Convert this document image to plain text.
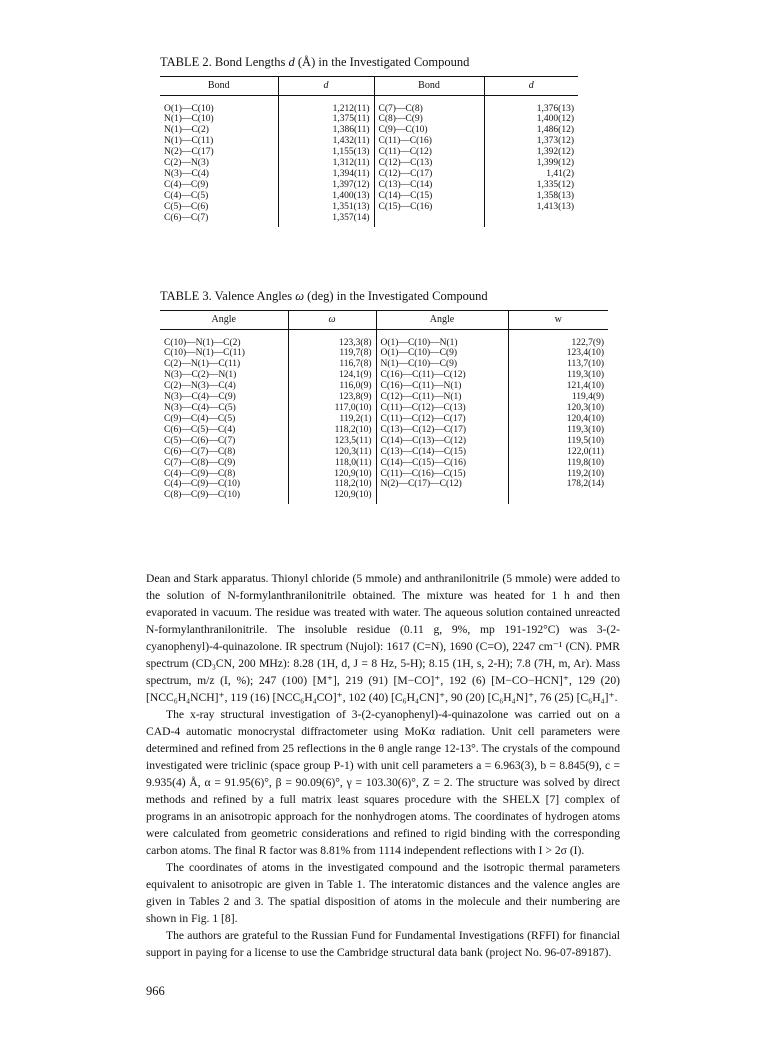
TABLE 2. Bond Lengths d (Å) in the Investigated Compound
Bond	d	Bond	d

O(1)—C(10)	1,212(11)	C(7)—C(8)	1,376(13)
N(1)—C(10)	1,375(11)	C(8)—C(9)	1,400(12)
N(1)—C(2)	1,386(11)	C(9)—C(10)	1,486(12)
N(1)—C(11)	1,432(11)	C(11)—C(16)	1,373(12)
N(2)—C(17)	1,155(13)	C(11)—C(12)	1,392(12)
C(2)—N(3)	1,312(11)	C(12)—C(13)	1,399(12)
N(3)—C(4)	1,394(11)	C(12)—C(17)	1,41(2)
C(4)—C(9)	1,397(12)	C(13)—C(14)	1,335(12)
C(4)—C(5)	1,400(13)	C(14)—C(15)	1,358(13)
C(5)—C(6)	1,351(13)	C(15)—C(16)	1,413(13)
C(6)—C(7)	1,357(14)		
TABLE 3. Valence Angles ω (deg) in the Investigated Compound
Angle	ω	Angle	w

C(10)—N(1)—C(2)	123,3(8)	O(1)—C(10)—N(1)	122,7(9)
C(10)—N(1)—C(11)	119,7(8)	O(1)—C(10)—C(9)	123,4(10)
C(2)—N(1)—C(11)	116,7(8)	N(1)—C(10)—C(9)	113,7(10)
N(3)—C(2)—N(1)	124,1(9)	C(16)—C(11)—C(12)	119,3(10)
C(2)—N(3)—C(4)	116,0(9)	C(16)—C(11)—N(1)	121,4(10)
N(3)—C(4)—C(9)	123,8(9)	C(12)—C(11)—N(1)	119,4(9)
N(3)—C(4)—C(5)	117,0(10)	C(11)—C(12)—C(13)	120,3(10)
C(9)—C(4)—C(5)	119,2(1)	C(11)—C(12)—C(17)	120,4(10)
C(6)—C(5)—C(4)	118,2(10)	C(13)—C(12)—C(17)	119,3(10)
C(5)—C(6)—C(7)	123,5(11)	C(14)—C(13)—C(12)	119,5(10)
C(6)—C(7)—C(8)	120,3(11)	C(13)—C(14)—C(15)	122,0(11)
C(7)—C(8)—C(9)	118,0(11)	C(14)—C(15)—C(16)	119,8(10)
C(4)—C(9)—C(8)	120,9(10)	C(11)—C(16)—C(15)	119,2(10)
C(4)—C(9)—C(10)	118,2(10)	N(2)—C(17)—C(12)	178,2(14)
C(8)—C(9)—C(10)	120,9(10)		

Dean and Stark apparatus. Thionyl chloride (5 mmole) and anthranilonitrile (5 mmole) were added to the solution of N-formylanthranilonitrile obtained. The mixture was heated for 1 h and then evaporated in vacuum. The residue was treated with water. The aqueous solution contained unreacted N-formylanthranilonitrile. The insoluble residue (0.11 g, 9%, mp 191-192°C) was 3-(2-cyanophenyl)-4-quinazolone. IR spectrum (Nujol): 1617 (C=N), 1690 (C=O), 2247 cm⁻¹ (CN). PMR spectrum (CD₃CN, 200 MHz): 8.28 (1H, d, J = 8 Hz, 5-H); 8.15 (1H, s, 2-H); 7.8 (7H, m, Ar). Mass spectrum, m/z (I, %); 247 (100) [M⁺], 219 (91) [M−CO]⁺, 192 (6) [M−CO−HCN]⁺, 129 (20) [NCC₆H₄NCH]⁺, 119 (16) [NCC₆H₄CO]⁺, 102 (40) [C₆H₄CN]⁺, 90 (20) [C₆H₄N]⁺, 76 (25) [C₆H₄]⁺.

The x-ray structural investigation of 3-(2-cyanophenyl)-4-quinazolone was carried out on a CAD-4 automatic monocrystal diffractometer using MoKα radiation. Unit cell parameters were determined and refined from 25 reflections in the θ angle range 12-13°. The crystals of the compound investigated were triclinic (space group P-1) with unit cell parameters a = 6.963(3), b = 8.845(9), c = 9.935(4) Å, α = 91.95(6)°, β = 90.09(6)°, γ = 103.30(6)°, Z = 2. The structure was solved by direct methods and refined by a full matrix least squares procedure with the SHELX [7] complex of programs in an anisotropic approach for the nonhydrogen atoms. The coordinates of hydrogen atoms were calculated from geometric considerations and refined to rigid binding with the corresponding carbon atoms. The final R factor was 8.81% from 1114 independent reflections with I > 2σ (I).

The coordinates of atoms in the investigated compound and the isotropic thermal parameters equivalent to anisotropic are given in Table 1. The interatomic distances and the valence angles are given in Tables 2 and 3. The spatial disposition of atoms in the molecule and their numbering are shown in Fig. 1 [8].

The authors are grateful to the Russian Fund for Fundamental Investigations (RFFI) for financial support in paying for a license to use the Cambridge structural data bank (project No. 96-07-89187).

966
